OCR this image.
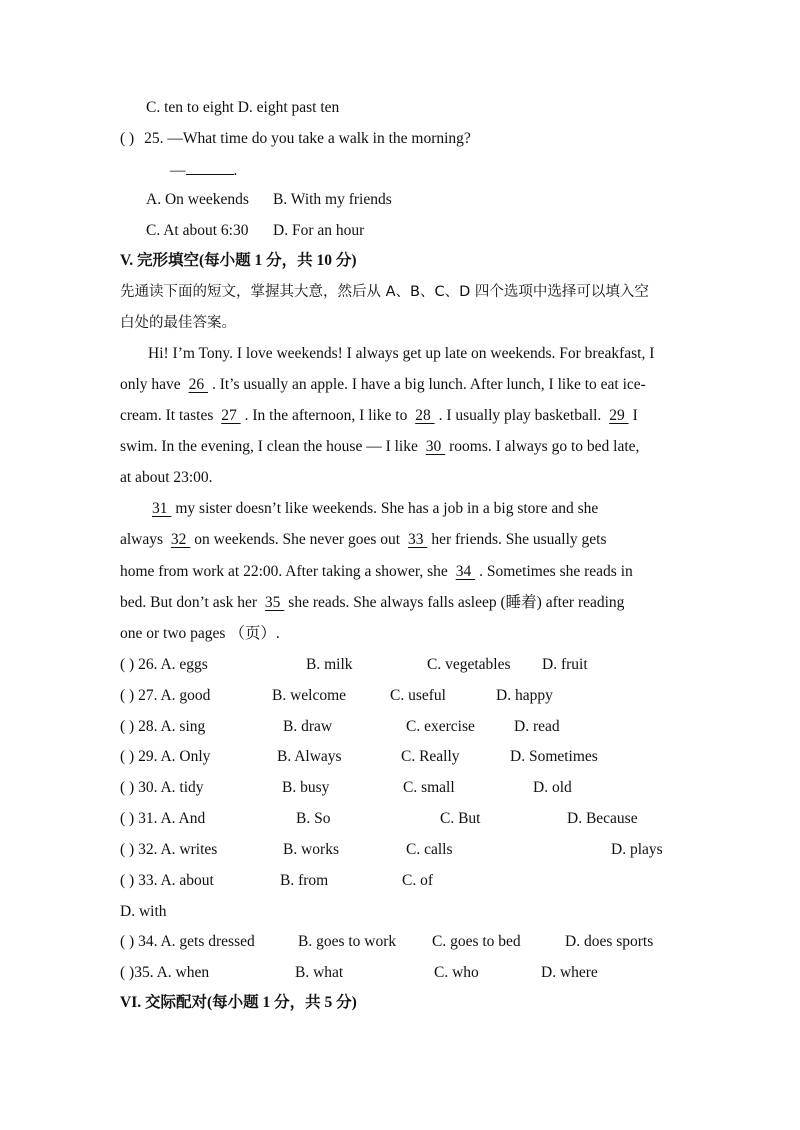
C. ten to eight D. eight past ten
( ) 25. —What time do you take a walk in the morning?
—	.
A. On weekends B. With my friends
C. At about 6:30 D. For an hour
V. 完形填空(每小题 1 分，共 10 分)
先通读下面的短文，掌握其大意，然后从 A、B、C、D 四个选项中选择可以填入空
白处的最佳答案。
Hi! I’m Tony. I love weekends! I always get up late on weekends. For breakfast, I
only have 26 . It’s usually an apple. I have a big lunch. After lunch, I like to eat ice-
cream. It tastes 27 . In the afternoon, I like to 28 . I usually play basketball. 29 I
swim. In the evening, I clean the house — I like 30 rooms. I always go to bed late,
at about 23:00.
31 my sister doesn’t like weekends. She has a job in a big store and she
always 32 on weekends. She never goes out 33 her friends. She usually gets
home from work at 22:00. After taking a shower, she 34 . Sometimes she reads in
bed. But don’t ask her 35 she reads. She always falls asleep (睡着) after reading
one or two pages （页）.
( ) 26. A. eggs	B. milk	C. vegetables D. fruit
( ) 27. A. good	B. welcome	C. useful	D. happy
( ) 28. A. sing	B. draw	C. exercise	D. read
( ) 29. A. Only	B. Always	C. Really	D. Sometimes
( ) 30. A. tidy	B. busy	C. small	D. old
( ) 31. A. And	B. So	C. But	D. Because
( ) 32. A. writes	B. works	C. calls	D. plays
( ) 33. A. about	B. from	C. of
D. with
( ) 34. A. gets dressed	B. goes to work C. goes to bed	D. does sports
( )35. A. when	B. what	C. who	D. where
VI. 交际配对(每小题 1 分，共 5 分)
